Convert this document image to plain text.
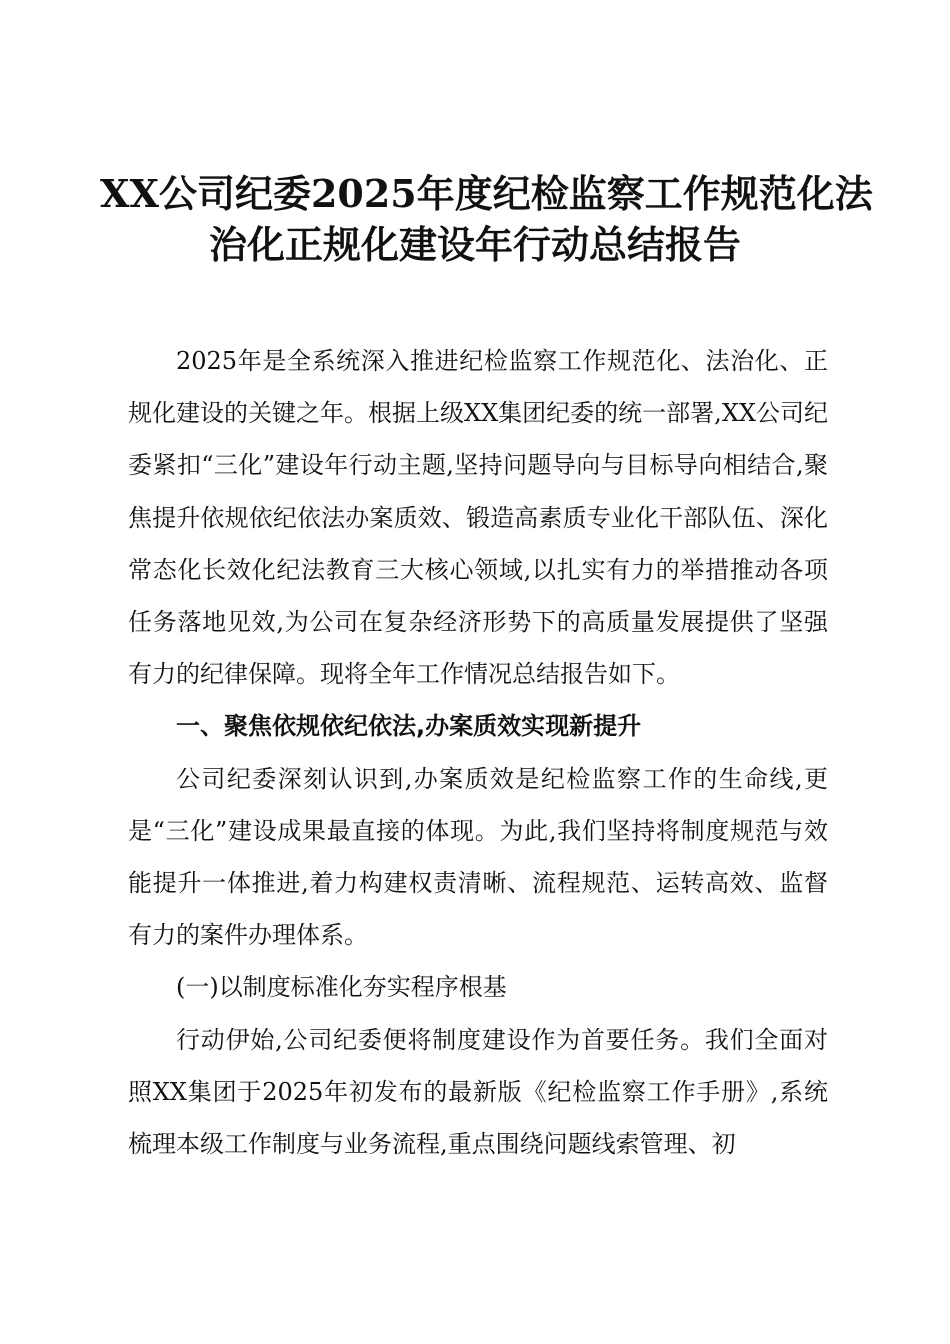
XX公司纪委2025年度纪检监察工作规范化法
治化正规化建设年行动总结报告

2025年是全系统深入推进纪检监察工作规范化、法治化、正规化建设的关键之年。根据上级XX集团纪委的统一部署,XX公司纪委紧扣“三化”建设年行动主题,坚持问题导向与目标导向相结合,聚焦提升依规依纪依法办案质效、锻造高素质专业化干部队伍、深化常态化长效化纪法教育三大核心领域,以扎实有力的举措推动各项任务落地见效,为公司在复杂经济形势下的高质量发展提供了坚强有力的纪律保障。现将全年工作情况总结报告如下。

一、聚焦依规依纪依法,办案质效实现新提升

公司纪委深刻认识到,办案质效是纪检监察工作的生命线,更是“三化”建设成果最直接的体现。为此,我们坚持将制度规范与效能提升一体推进,着力构建权责清晰、流程规范、运转高效、监督有力的案件办理体系。

(一)以制度标准化夯实程序根基

行动伊始,公司纪委便将制度建设作为首要任务。我们全面对照XX集团于2025年初发布的最新版《纪检监察工作手册》,系统梳理本级工作制度与业务流程,重点围绕问题线索管理、初
